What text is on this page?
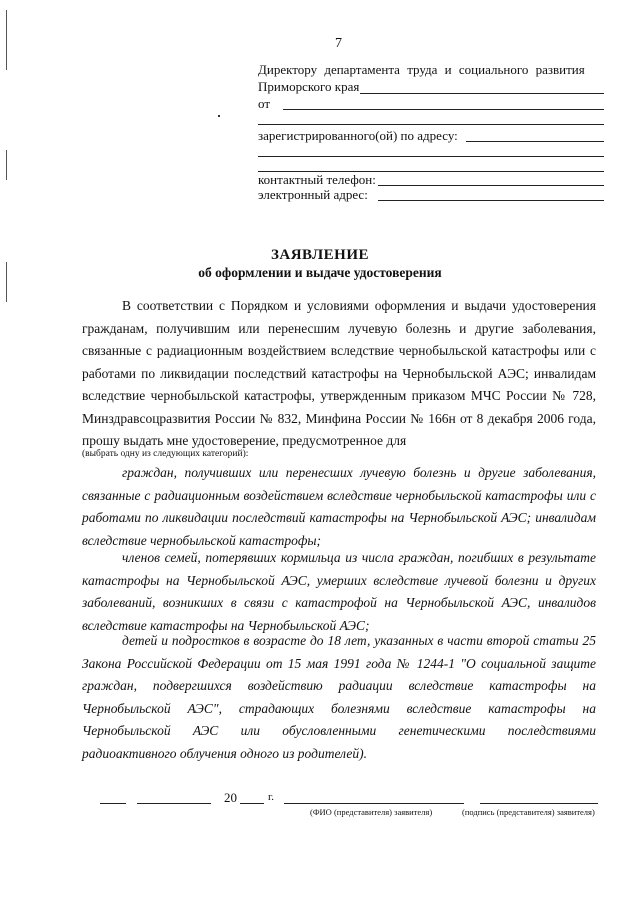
7
Директору департамента труда и социального развития
Приморского края
от
зарегистрированного(ой) по адресу:
контактный телефон:
электронный адрес:
ЗАЯВЛЕНИЕ
об оформлении и выдаче удостоверения
В соответствии с Порядком и условиями оформления и выдачи удостоверения гражданам, получившим или перенесшим лучевую болезнь и другие заболевания, связанные с радиационным воздействием вследствие чернобыльской катастрофы или с работами по ликвидации последствий катастрофы на Чернобыльской АЭС; инвалидам вследствие чернобыльской катастрофы, утвержденным приказом МЧС России № 728, Минздравсоцразвития России № 832, Минфина России № 166н от 8 декабря 2006 года, прошу выдать мне удостоверение, предусмотренное для
(выбрать одну из следующих категорий):
граждан, получивших или перенесших лучевую болезнь и другие заболевания, связанные с радиационным воздействием вследствие чернобыльской катастрофы или с работами по ликвидации последствий катастрофы на Чернобыльской АЭС; инвалидам вследствие чернобыльской катастрофы;
членов семей, потерявших кормильца из числа граждан, погибших в результате катастрофы на Чернобыльской АЭС, умерших вследствие лучевой болезни и других заболеваний, возникших в связи с катастрофой на Чернобыльской АЭС, инвалидов вследствие катастрофы на Чернобыльской АЭС;
детей и подростков в возрасте до 18 лет, указанных в части второй статьи 25 Закона Российской Федерации от 15 мая 1991 года № 1244-1 "О социальной защите граждан, подвергшихся воздействию радиации вследствие катастрофы на Чернобыльской АЭС", страдающих болезнями вследствие катастрофы на Чернобыльской АЭС или обусловленными генетическими последствиями радиоактивного облучения одного из родителей).
20	г.
(ФИО (представителя) заявителя)	(подпись (представителя) заявителя)
